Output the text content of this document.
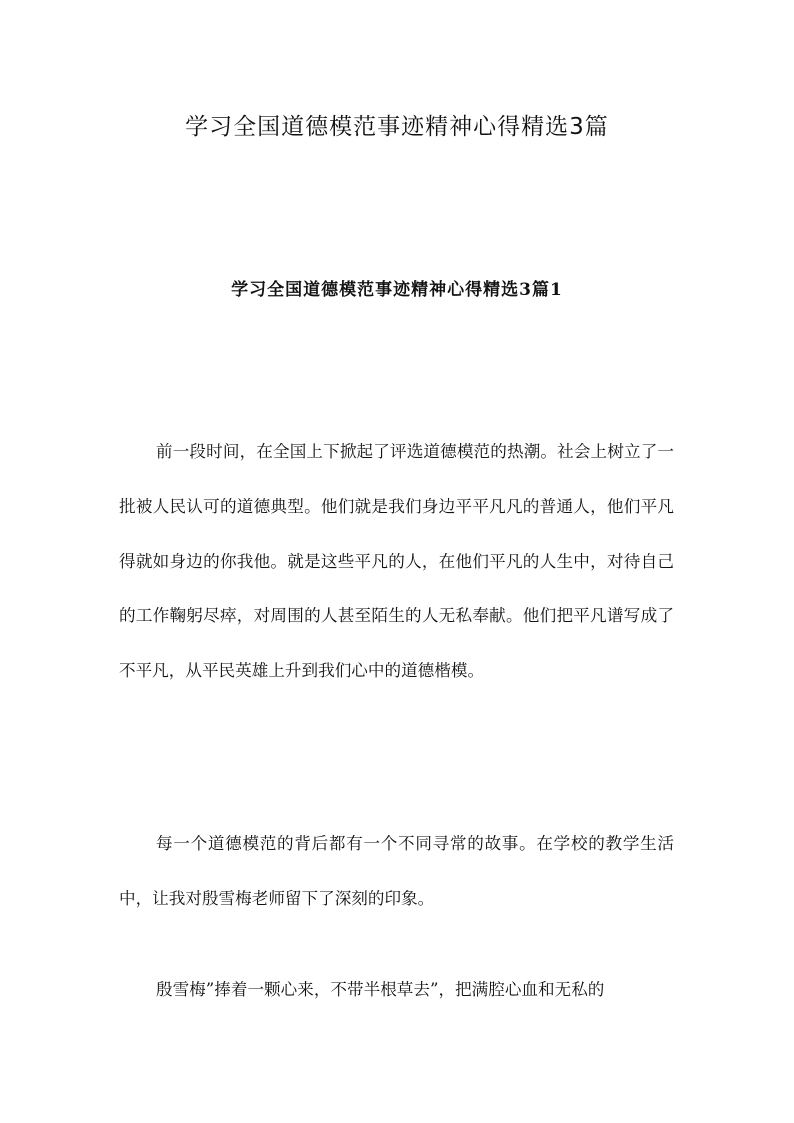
学习全国道德模范事迹精神心得精选3篇
学习全国道德模范事迹精神心得精选3篇1

前一段时间，在全国上下掀起了评选道德模范的热潮。社会上树立了一批被人民认可的道德典型。他们就是我们身边平平凡凡的普通人，他们平凡得就如身边的你我他。就是这些平凡的人，在他们平凡的人生中，对待自己的工作鞠躬尽瘁，对周围的人甚至陌生的人无私奉献。他们把平凡谱写成了不平凡，从平民英雄上升到我们心中的道德楷模。

每一个道德模范的背后都有一个不同寻常的故事。在学校的教学生活中，让我对殷雪梅老师留下了深刻的印象。

殷雪梅”捧着一颗心来，不带半根草去”，把满腔心血和无私的
